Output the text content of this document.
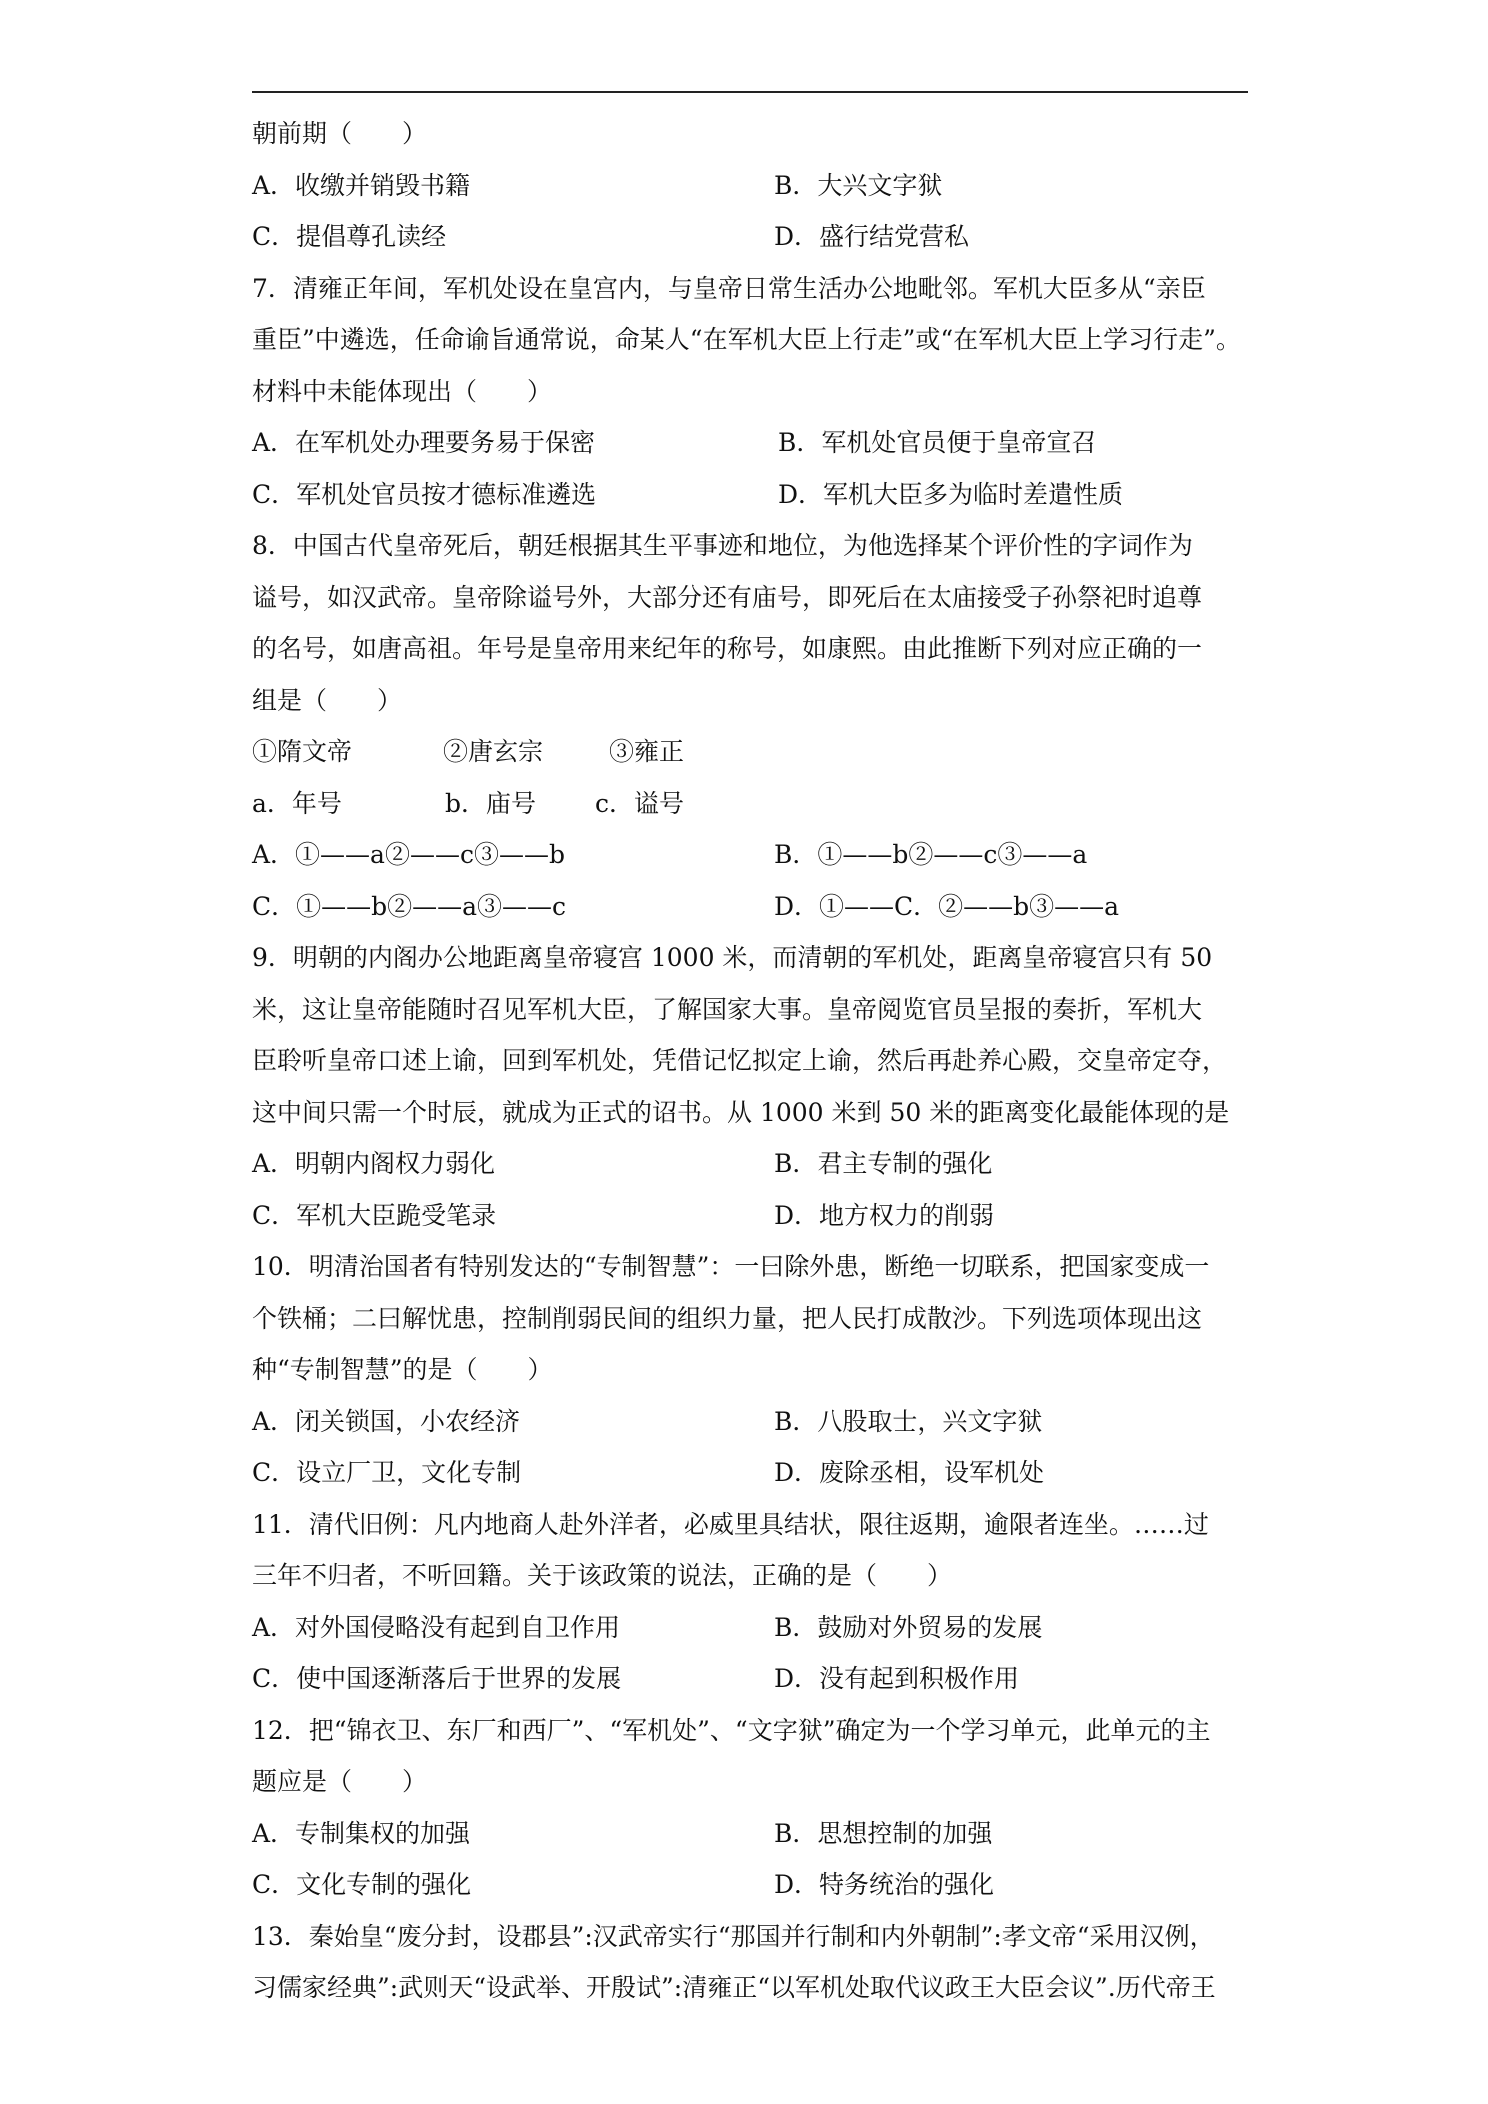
朝前期（　　）
A．收缴并销毁书籍	B．大兴文字狱
C．提倡尊孔读经	D．盛行结党营私
7．清雍正年间，军机处设在皇宫内，与皇帝日常生活办公地毗邻。军机大臣多从“亲臣
重臣”中遴选，任命谕旨通常说，命某人“在军机大臣上行走”或“在军机大臣上学习行走”。
材料中未能体现出（　　）
A．在军机处办理要务易于保密	B．军机处官员便于皇帝宣召
C．军机处官员按才德标准遴选	D．军机大臣多为临时差遣性质
8．中国古代皇帝死后，朝廷根据其生平事迹和地位，为他选择某个评价性的字词作为
谥号，如汉武帝。皇帝除谥号外，大部分还有庙号，即死后在太庙接受子孙祭祀时追尊
的名号，如唐高祖。年号是皇帝用来纪年的称号，如康熙。由此推断下列对应正确的一
组是（　　）
①隋文帝	②唐玄宗	③雍正
a．年号	b．庙号	c．谥号
A．①——a②——c③——b	B．①——b②——c③——a
C．①——b②——a③——c	D．①——C．②——b③——a
9．明朝的内阁办公地距离皇帝寝宫 1000 米，而清朝的军机处，距离皇帝寝宫只有 50
米，这让皇帝能随时召见军机大臣，了解国家大事。皇帝阅览官员呈报的奏折，军机大
臣聆听皇帝口述上谕，回到军机处，凭借记忆拟定上谕，然后再赴养心殿，交皇帝定夺，
这中间只需一个时辰，就成为正式的诏书。从 1000 米到 50 米的距离变化最能体现的是
A．明朝内阁权力弱化	B．君主专制的强化
C．军机大臣跪受笔录	D．地方权力的削弱
10．明清治国者有特别发达的“专制智慧”：一曰除外患，断绝一切联系，把国家变成一
个铁桶；二曰解忧患，控制削弱民间的组织力量，把人民打成散沙。下列选项体现出这
种“专制智慧”的是（　　）
A．闭关锁国，小农经济	B．八股取士，兴文字狱
C．设立厂卫，文化专制	D．废除丞相，设军机处
11．清代旧例：凡内地商人赴外洋者，必威里具结状，限往返期，逾限者连坐。……过
三年不归者，不听回籍。关于该政策的说法，正确的是（　　）
A．对外国侵略没有起到自卫作用	B．鼓励对外贸易的发展
C．使中国逐渐落后于世界的发展	D．没有起到积极作用
12．把“锦衣卫、东厂和西厂”、“军机处”、“文字狱”确定为一个学习单元，此单元的主
题应是（　　）
A．专制集权的加强	B．思想控制的加强
C．文化专制的强化	D．特务统治的强化
13．秦始皇“废分封，设郡县”:汉武帝实行“那国并行制和内外朝制”:孝文帝“采用汉例，
习儒家经典”:武则天“设武举、开殷试”:清雍正“以军机处取代议政王大臣会议”.历代帝王
